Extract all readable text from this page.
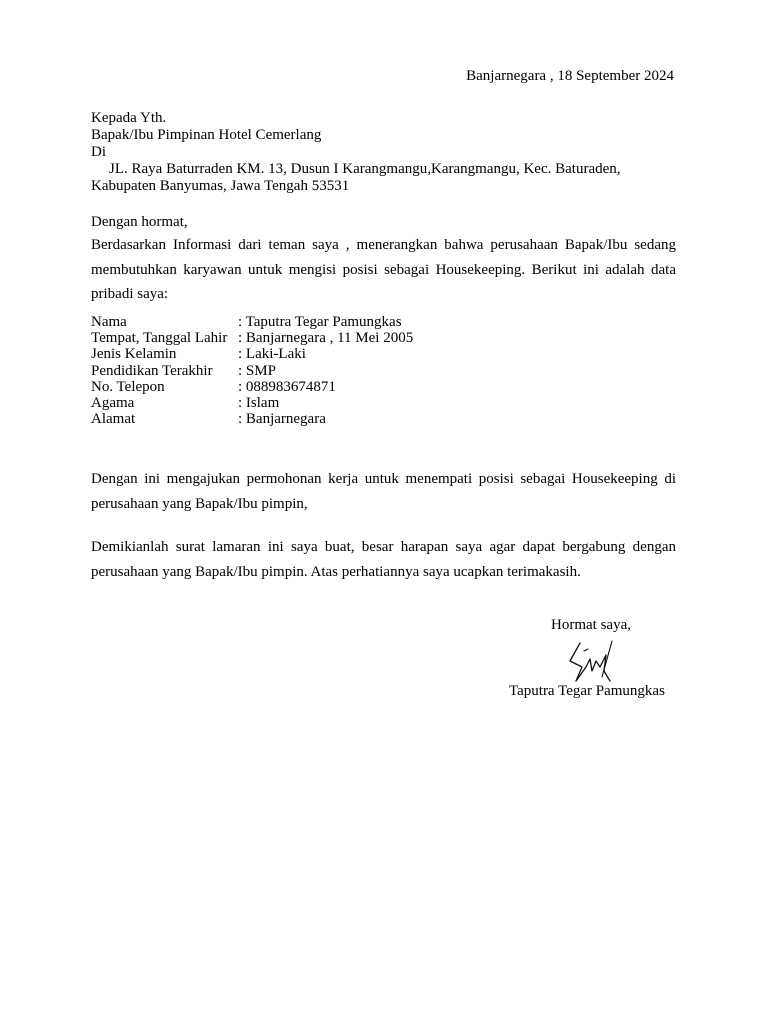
Banjarnegara , 18 September 2024
Kepada Yth.
Bapak/Ibu Pimpinan Hotel Cemerlang
Di
JL. Raya Baturraden KM. 13, Dusun I Karangmangu,Karangmangu, Kec. Baturaden,
Kabupaten Banyumas, Jawa Tengah 53531
Dengan hormat,
Berdasarkan Informasi dari teman saya , menerangkan bahwa perusahaan Bapak/Ibu sedang membutuhkan karyawan untuk mengisi posisi sebagai Housekeeping. Berikut ini adalah data pribadi saya:
Nama	: Taputra Tegar Pamungkas
Tempat, Tanggal Lahir	: Banjarnegara , 11 Mei 2005
Jenis Kelamin	: Laki-Laki
Pendidikan Terakhir	: SMP
No. Telepon	: 088983674871
Agama	: Islam
Alamat	: Banjarnegara
Dengan ini mengajukan permohonan kerja untuk menempati posisi sebagai Housekeeping di perusahaan yang Bapak/Ibu pimpin,
Demikianlah surat lamaran ini saya buat, besar harapan saya agar dapat bergabung dengan perusahaan yang Bapak/Ibu pimpin. Atas perhatiannya saya ucapkan terimakasih.
Hormat saya,
Taputra Tegar Pamungkas
